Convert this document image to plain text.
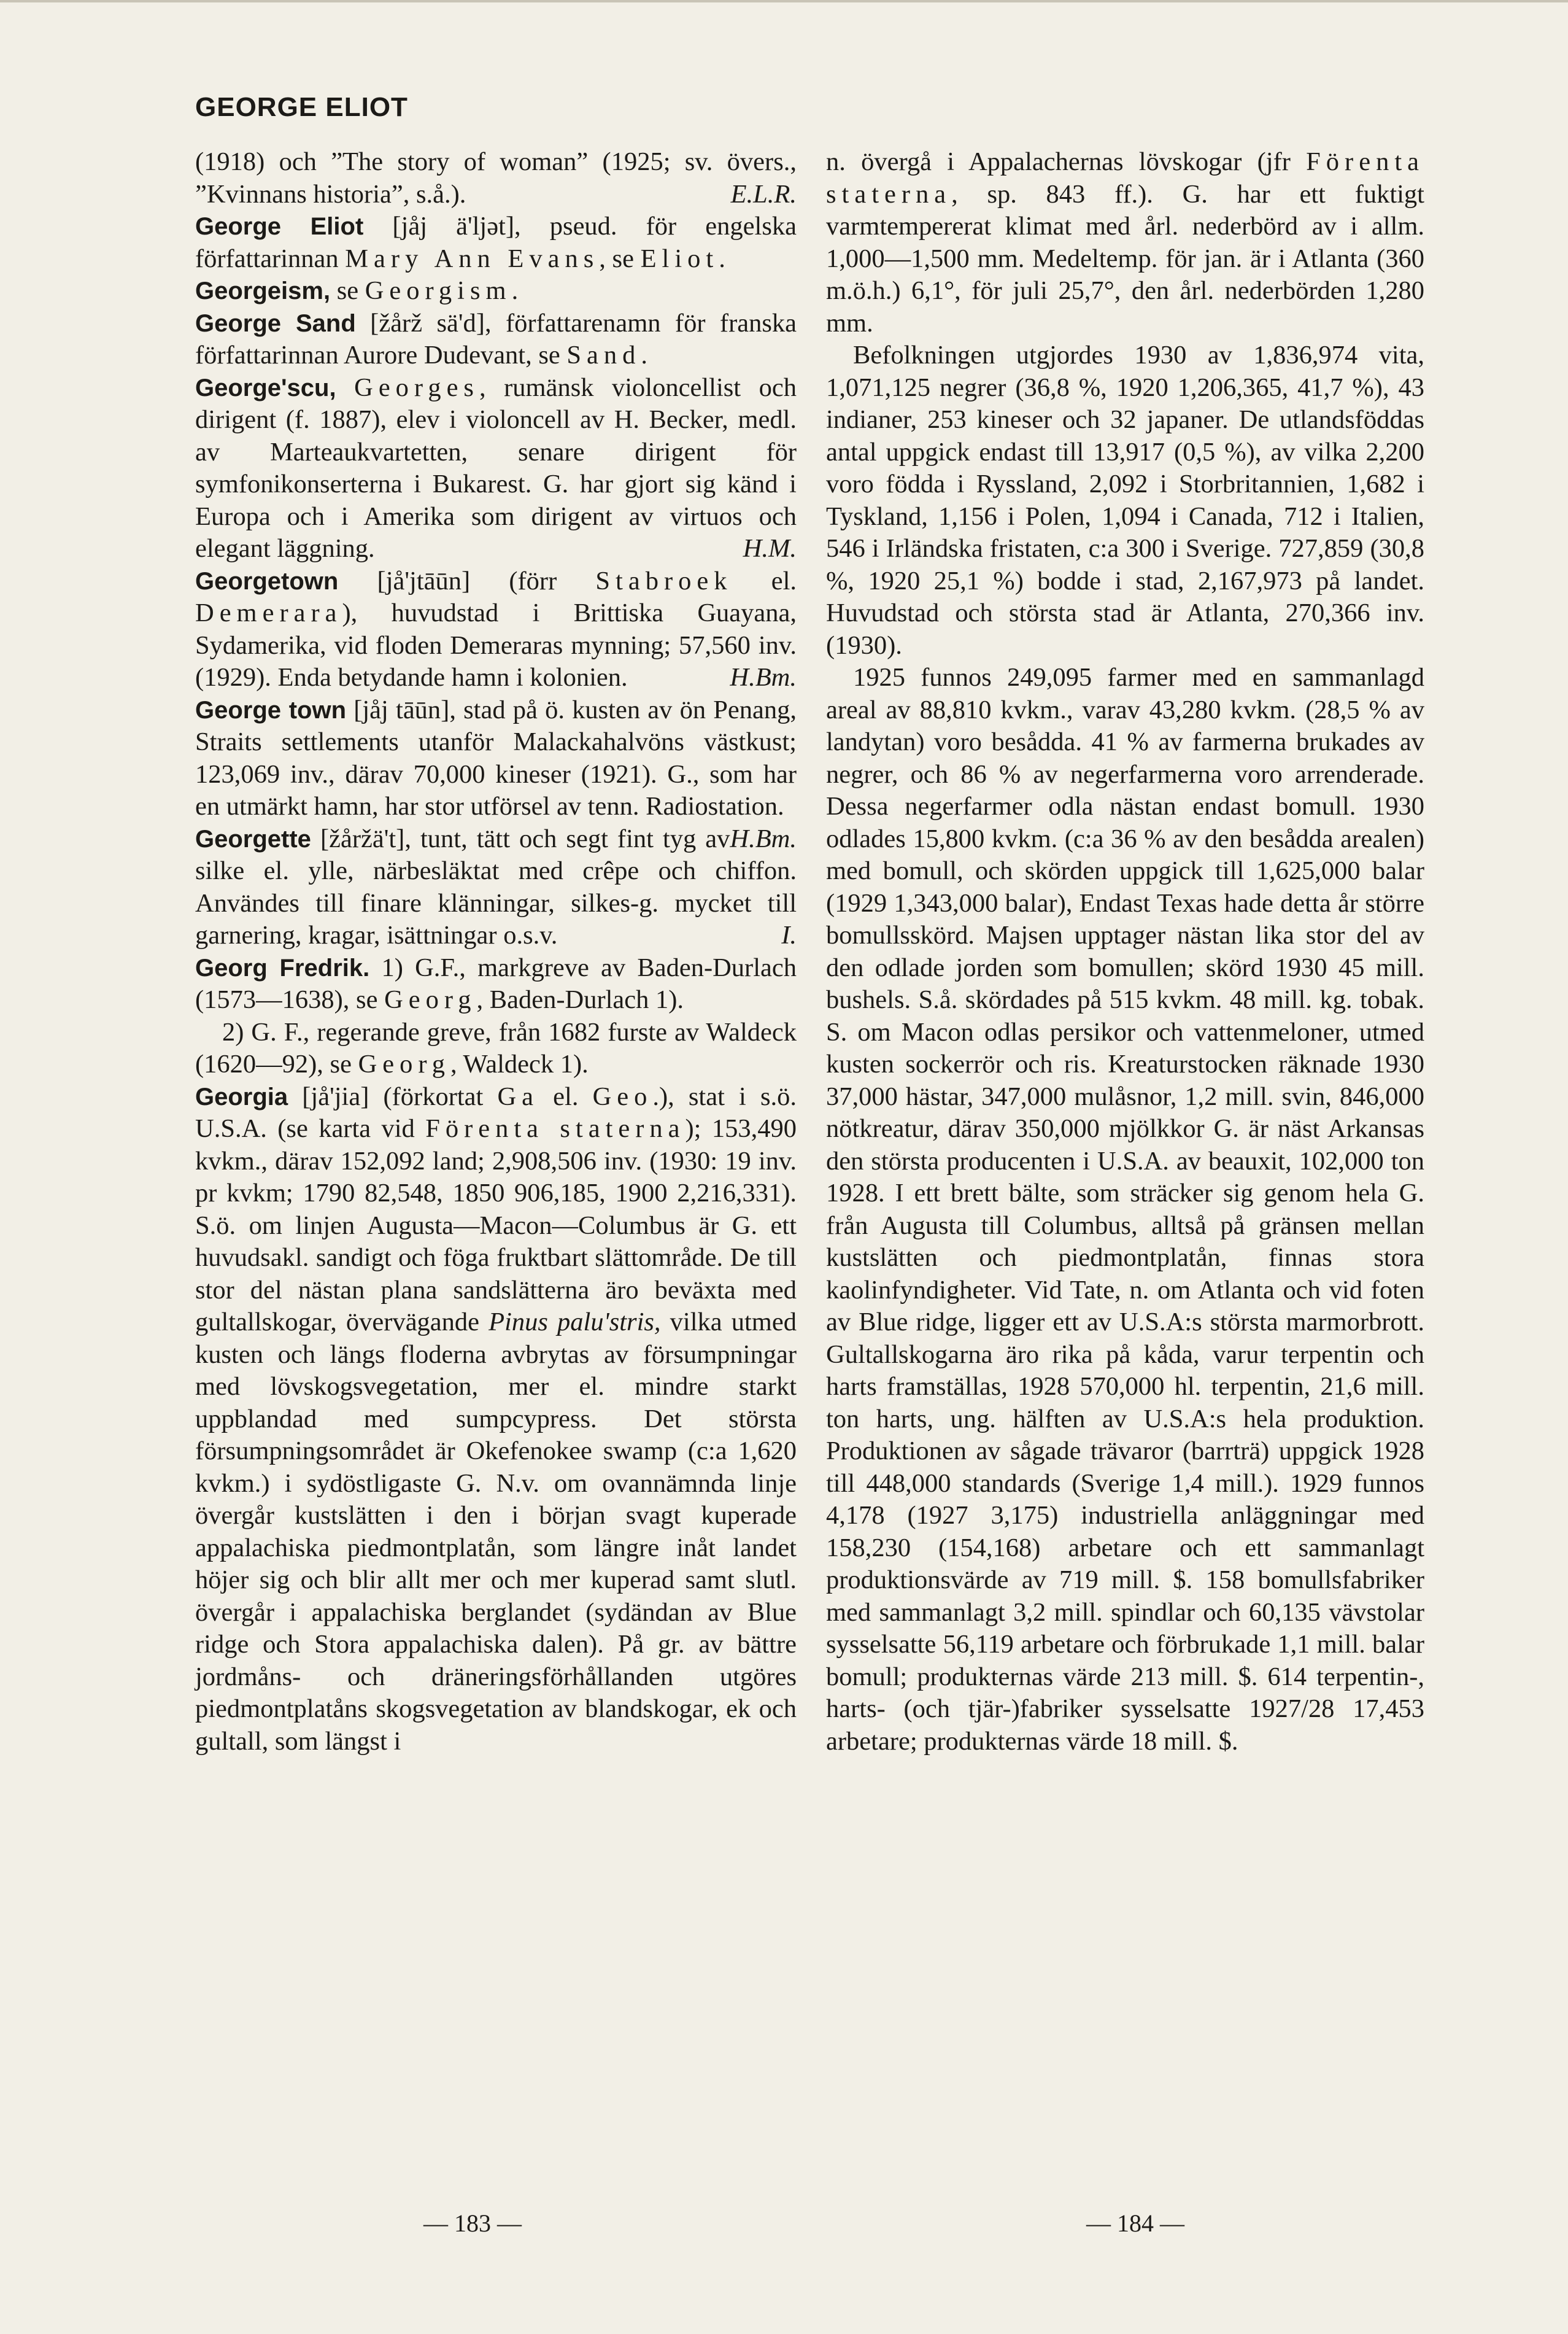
GEORGE ELIOT

(1918) och ”The story of woman” (1925; sv. övers., ”Kvinnans historia”, s.å.).	E.L.R.

George Eliot [jåj ä'ljət], pseud. för engelska författarinnan Mary Ann Evans, se Eliot.

Georgeism, se Georgism.

George Sand [žårž sä'd], författarenamn för franska författarinnan Aurore Dudevant, se Sand.

George'scu, Georges, rumänsk violoncellist och dirigent (f. 1887), elev i violoncell av H. Becker, medl. av Marteaukvartetten, senare dirigent för symfonikonserterna i Bukarest. G. har gjort sig känd i Europa och i Amerika som dirigent av virtuos och elegant läggning.	H.M.

Georgetown [jå'jtāūn] (förr Stabroek el. Demerara), huvudstad i Brittiska Guayana, Sydamerika, vid floden Demeraras mynning; 57,560 inv. (1929). Enda betydande hamn i kolonien.	H.Bm.

George town [jåj tāūn], stad på ö. kusten av ön Penang, Straits settlements utanför Malackahalvöns västkust; 123,069 inv., därav 70,000 kineser (1921). G., som har en utmärkt hamn, har stor utförsel av tenn. Radiostation.
H.Bm.

Georgette [žåržä't], tunt, tätt och segt fint tyg av silke el. ylle, närbesläktat med crêpe och chiffon. Användes till finare klänningar, silkes-g. mycket till garnering, kragar, isättningar o.s.v.	I.

Georg Fredrik. 1) G.F., markgreve av Baden-Durlach (1573—1638), se Georg, Baden-Durlach 1).

2) G. F., regerande greve, från 1682 furste av Waldeck (1620—92), se Georg, Waldeck 1).

Georgia [jå'jia] (förkortat Ga el. Geo.), stat i s.ö. U.S.A. (se karta vid Förenta staterna); 153,490 kvkm., därav 152,092 land; 2,908,506 inv. (1930: 19 inv. pr kvkm; 1790 82,548, 1850 906,185, 1900 2,216,331). S.ö. om linjen Augusta—Macon—Columbus är G. ett huvudsakl. sandigt och föga fruktbart slättområde. De till stor del nästan plana sandslätterna äro beväxta med gultallskogar, övervägande Pinus palu'stris, vilka utmed kusten och längs floderna avbrytas av försumpningar med lövskogsvegetation, mer el. mindre starkt uppblandad med sumpcypress. Det största försumpningsområdet är Okefenokee swamp (c:a 1,620 kvkm.) i sydöstligaste G. N.v. om ovannämnda linje övergår kustslätten i den i början svagt kuperade appalachiska piedmontplatån, som längre inåt landet höjer sig och blir allt mer och mer kuperad samt slutl. övergår i appalachiska berglandet (sydändan av Blue ridge och Stora appalachiska dalen). På gr. av bättre jordmåns- och dräneringsförhållanden utgöres piedmontplatåns skogsvegetation av blandskogar, ek och gultall, som längst i

n. övergå i Appalachernas lövskogar (jfr Förenta staterna, sp. 843 ff.). G. har ett fuktigt varmtempererat klimat med årl. nederbörd av i allm. 1,000—1,500 mm. Medeltemp. för jan. är i Atlanta (360 m.ö.h.) 6,1°, för juli 25,7°, den årl. nederbörden 1,280 mm.

Befolkningen utgjordes 1930 av 1,836,974 vita, 1,071,125 negrer (36,8 %, 1920 1,206,365, 41,7 %), 43 indianer, 253 kineser och 32 japaner. De utlandsföddas antal uppgick endast till 13,917 (0,5 %), av vilka 2,200 voro födda i Ryssland, 2,092 i Storbritannien, 1,682 i Tyskland, 1,156 i Polen, 1,094 i Canada, 712 i Italien, 546 i Irländska fristaten, c:a 300 i Sverige. 727,859 (30,8 %, 1920 25,1 %) bodde i stad, 2,167,973 på landet. Huvudstad och största stad är Atlanta, 270,366 inv. (1930).

1925 funnos 249,095 farmer med en sammanlagd areal av 88,810 kvkm., varav 43,280 kvkm. (28,5 % av landytan) voro besådda. 41 % av farmerna brukades av negrer, och 86 % av negerfarmerna voro arrenderade. Dessa negerfarmer odla nästan endast bomull. 1930 odlades 15,800 kvkm. (c:a 36 % av den besådda arealen) med bomull, och skörden uppgick till 1,625,000 balar (1929 1,343,000 balar), Endast Texas hade detta år större bomullsskörd. Majsen upptager nästan lika stor del av den odlade jorden som bomullen; skörd 1930 45 mill. bushels. S.å. skördades på 515 kvkm. 48 mill. kg. tobak. S. om Macon odlas persikor och vattenmeloner, utmed kusten sockerrör och ris. Kreaturstocken räknade 1930 37,000 hästar, 347,000 mulåsnor, 1,2 mill. svin, 846,000 nötkreatur, därav 350,000 mjölkkor G. är näst Arkansas den största producenten i U.S.A. av beauxit, 102,000 ton 1928. I ett brett bälte, som sträcker sig genom hela G. från Augusta till Columbus, alltså på gränsen mellan kustslätten och piedmontplatån, finnas stora kaolinfyndigheter. Vid Tate, n. om Atlanta och vid foten av Blue ridge, ligger ett av U.S.A:s största marmorbrott. Gultallskogarna äro rika på kåda, varur terpentin och harts framställas, 1928 570,000 hl. terpentin, 21,6 mill. ton harts, ung. hälften av U.S.A:s hela produktion. Produktionen av sågade trävaror (barrträ) uppgick 1928 till 448,000 standards (Sverige 1,4 mill.). 1929 funnos 4,178 (1927 3,175) industriella anläggningar med 158,230 (154,168) arbetare och ett sammanlagt produktionsvärde av 719 mill. $. 158 bomullsfabriker med sammanlagt 3,2 mill. spindlar och 60,135 vävstolar sysselsatte 56,119 arbetare och förbrukade 1,1 mill. balar bomull; produkternas värde 213 mill. $. 614 terpentin-, harts- (och tjär-)fabriker sysselsatte 1927/28 17,453 arbetare; produkternas värde 18 mill. $.

— 183 —	— 184 —
